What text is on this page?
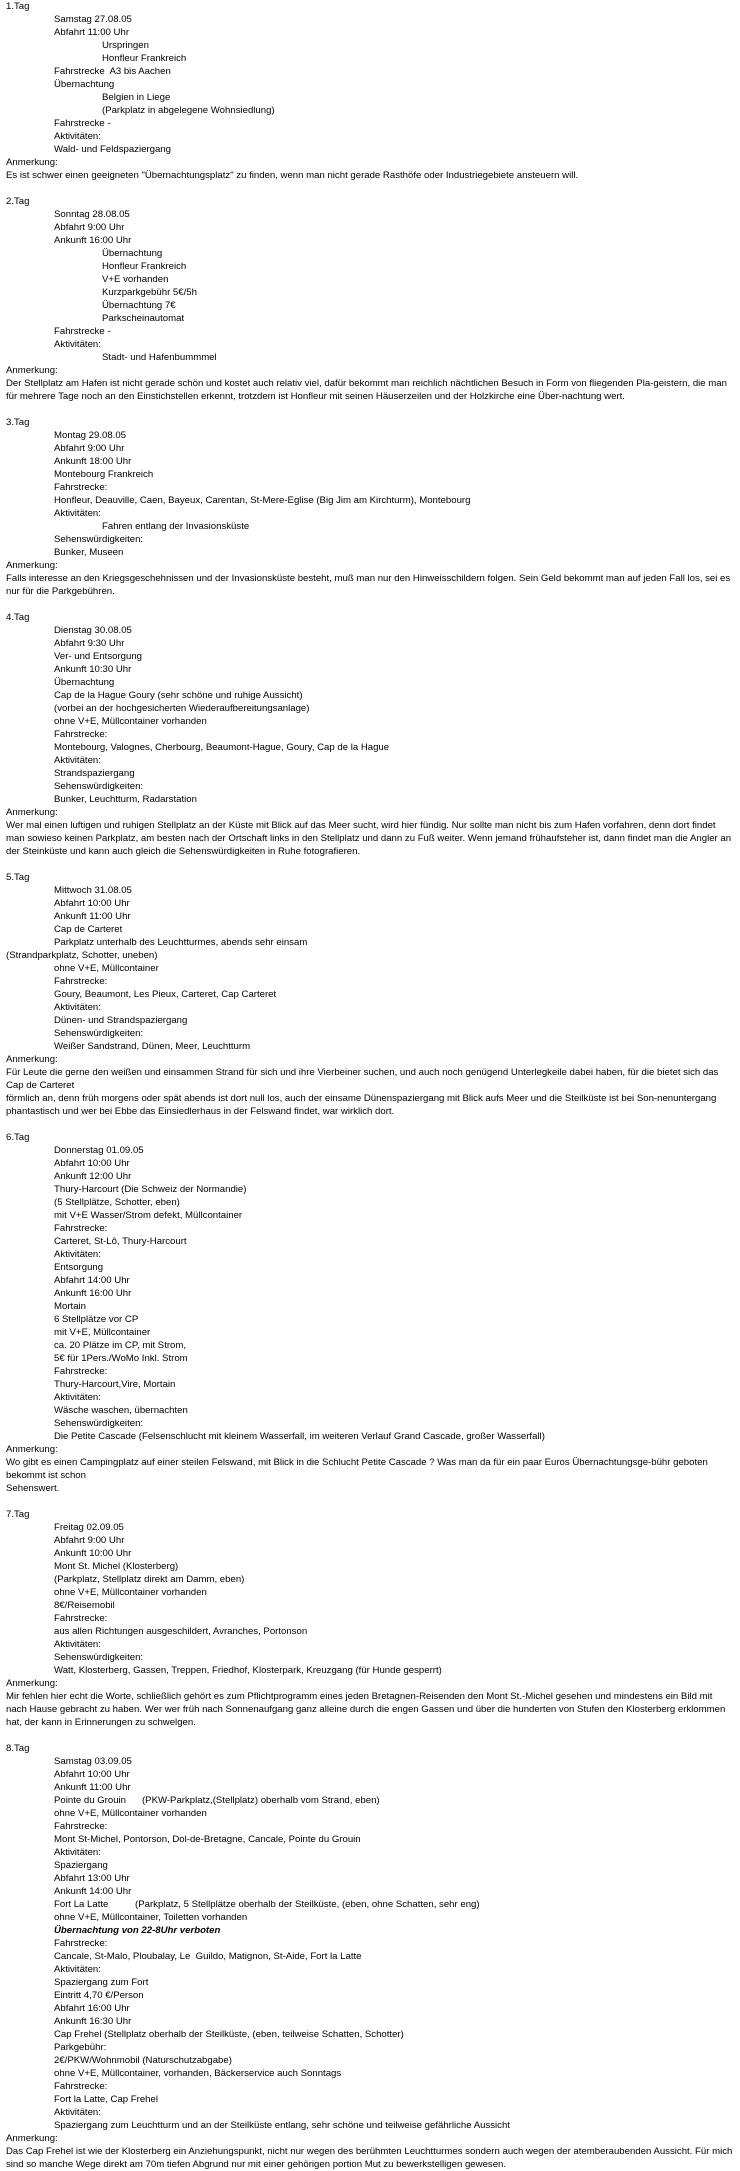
1.Tag
Samstag 27.08.05
Abfahrt 11:00 Uhr
Urspringen
Honfleur Frankreich
Fahrstrecke  A3 bis Aachen
Übernachtung
Belgien in Liege
(Parkplatz in abgelegene Wohnsiedlung)
Fahrstrecke -
Aktivitäten:
Wald- und Feldspaziergang
Anmerkung:
Es ist schwer einen geeigneten "Übernachtungsplatz" zu finden, wenn man nicht gerade Rasthöfe oder Industriegebiete ansteuern will.
2.Tag
Sonntag 28.08.05
Abfahrt 9:00 Uhr
Ankunft 16:00 Uhr
Übernachtung
Honfleur Frankreich
V+E vorhanden
Kurzparkgebühr 5€/5h
Übernachtung 7€
Parkscheinautomat
Fahrstrecke -
Aktivitäten:
Stadt- und Hafenbummmel
Anmerkung:
Der Stellplatz am Hafen ist nicht gerade schön und kostet auch relativ viel, dafür bekommt man reichlich nächtlichen Besuch in Form von fliegenden Pla-geistern, die man für mehrere Tage noch an den Einstichstellen erkennt, trotzdem ist Honfleur mit seinen Häuserzeilen und der Holzkirche eine Über-nachtung wert.
3.Tag
Montag 29.08.05
Abfahrt 9:00 Uhr
Ankunft 18:00 Uhr
Montebourg Frankreich
Fahrstrecke:
Honfleur, Deauville, Caen, Bayeux, Carentan, St-Mere-Eglise (Big Jim am Kirchturm), Montebourg
Aktivitäten:
Fahren entlang der Invasionsküste
Sehenswürdigkeiten:
Bunker, Museen
Anmerkung:
Falls interesse an den Kriegsgeschehnissen und der Invasionsküste besteht, muß man nur den Hinweisschildern folgen. Sein Geld bekommt man auf jeden Fall los, sei es nur für die Parkgebühren.
4.Tag
Dienstag 30.08.05
Abfahrt 9:30 Uhr
Ver- und Entsorgung
Ankunft 10:30 Uhr
Übernachtung
Cap de la Hague Goury (sehr schöne und ruhige Aussicht)
(vorbei an der hochgesicherten Wiederaufbereitungsanlage)
ohne V+E, Müllcontainer vorhanden
Fahrstrecke:
Montebourg, Valognes, Cherbourg, Beaumont-Hague, Goury, Cap de la Hague
Aktivitäten:
Strandspaziergang
Sehenswürdigkeiten:
Bunker, Leuchtturm, Radarstation
Anmerkung:
Wer mal einen luftigen und ruhigen Stellplatz an der Küste mit Blick auf das Meer sucht, wird hier fündig. Nur sollte man nicht bis zum Hafen vorfahren, denn dort findet man sowieso keinen Parkplatz, am besten nach der Ortschaft links in den Stellplatz und dann zu Fuß weiter. Wenn jemand frühaufsteher ist, dann findet man die Angler an der Steinküste und kann auch gleich die Sehenswürdigkeiten in Ruhe fotografieren.
5.Tag
Mittwoch 31.08.05
Abfahrt 10:00 Uhr
Ankunft 11:00 Uhr
Cap de Carteret
Parkplatz unterhalb des Leuchtturmes, abends sehr einsam
(Strandparkplatz, Schotter, uneben)
ohne V+E, Müllcontainer
Fahrstrecke:
Goury, Beaumont, Les Pieux, Carteret, Cap Carteret
Aktivitäten:
Dünen- und Strandspaziergang
Sehenswürdigkeiten:
Weißer Sandstrand, Dünen, Meer, Leuchtturm
Anmerkung:
Für Leute die gerne den weißen und einsammen Strand für sich und ihre Vierbeiner suchen, und auch noch genügend Unterlegkeile dabei haben, für die bietet sich das Cap de Carteret
förmlich an, denn früh morgens oder spät abends ist dort null los, auch der einsame Dünenspaziergang mit Blick aufs Meer und die Steilküste ist bei Son-nenuntergang phantastisch und wer bei Ebbe das Einsiedlerhaus in der Felswand findet, war wirklich dort.
6.Tag
Donnerstag 01.09.05
Abfahrt 10:00 Uhr
Ankunft 12:00 Uhr
Thury-Harcourt (Die Schweiz der Normandie)
(5 Stellplätze, Schotter, eben)
mit V+E Wasser/Strom defekt, Müllcontainer
Fahrstrecke:
Carteret, St-Lô, Thury-Harcourt
Aktivitäten:
Entsorgung
Abfahrt 14:00 Uhr
Ankunft 16:00 Uhr
Mortain
6 Stellplätze vor CP
mit V+E, Müllcontainer
ca. 20 Plätze im CP, mit Strom,
5€ für 1Pers./WoMo Inkl. Strom
Fahrstrecke:
Thury-Harcourt,Vire, Mortain
Aktivitäten:
Wäsche waschen, übernachten
Sehenswürdigkeiten:
Die Petite Cascade (Felsenschlucht mit kleinem Wasserfall, im weiteren Verlauf Grand Cascade, großer Wasserfall)
Anmerkung:
Wo gibt es einen Campingplatz auf einer steilen Felswand, mit Blick in die Schlucht Petite Cascade ? Was man da für ein paar Euros Übernachtungsge-bühr geboten bekommt ist schon
Sehenswert.
7.Tag
Freitag 02.09.05
Abfahrt 9:00 Uhr
Ankunft 10:00 Uhr
Mont St. Michel (Klosterberg)
(Parkplatz, Stellplatz direkt am Damm, eben)
ohne V+E, Müllcontainer vorhanden
8€/Reisemobil
Fahrstrecke:
aus allen Richtungen ausgeschildert, Avranches, Portonson
Aktivitäten:
Sehenswürdigkeiten:
Watt, Klosterberg, Gassen, Treppen, Friedhof, Klosterpark, Kreuzgang (für Hunde gesperrt)
Anmerkung:
Mir fehlen hier echt die Worte, schließlich gehört es zum Pflichtprogramm eines jeden Bretagnen-Reisenden den Mont St.-Michel gesehen und mindestens ein Bild mit nach Hause gebracht zu haben. Wer wer früh nach Sonnenaufgang ganz alleine durch die engen Gassen und über die hunderten von Stufen den Klosterberg erklommen hat, der kann in Erinnerungen zu schwelgen.
8.Tag
Samstag 03.09.05
Abfahrt 10:00 Uhr
Ankunft 11:00 Uhr
Pointe du Grouin      (PKW-Parkplatz,(Stellplatz) oberhalb vom Strand, eben)
ohne V+E, Müllcontainer vorhanden
Fahrstrecke:
Mont St-Michel, Pontorson, Dol-de-Bretagne, Cancale, Pointe du Grouin
Aktivitäten:
Spaziergang
Abfahrt 13:00 Uhr
Ankunft 14:00 Uhr
Fort La Latte          (Parkplatz, 5 Stellplätze oberhalb der Steilküste, (eben, ohne Schatten, sehr eng)
ohne V+E, Müllcontainer, Toiletten vorhanden
Übernachtung von 22-8Uhr verboten
Fahrstrecke:
Cancale, St-Malo, Ploubalay, Le  Guildo, Matignon, St-Aide, Fort la Latte
Aktivitäten:
Spaziergang zum Fort
Eintritt 4,70 €/Person
Abfahrt 16:00 Uhr
Ankunft 16:30 Uhr
Cap Frehel (Stellplatz oberhalb der Steilküste, (eben, teilweise Schatten, Schotter)
Parkgebühr:
2€/PKW/Wohnmobil (Naturschutzabgabe)
ohne V+E, Müllcontainer, vorhanden, Bäckerservice auch Sonntags
Fahrstrecke:
Fort la Latte, Cap Frehel
Aktivitäten:
Spaziergang zum Leuchtturm und an der Steilküste entlang, sehr schöne und teilweise gefährliche Aussicht
Anmerkung:
Das Cap Frehel ist wie der Klosterberg ein Anziehungspunkt, nicht nur wegen des berühmten Leuchtturmes sondern auch wegen der atemberaubenden Aussicht. Für mich sind so manche Wege direkt am 70m tiefen Abgrund nur mit einer gehörigen portion Mut zu bewerkstelligen gewesen.
